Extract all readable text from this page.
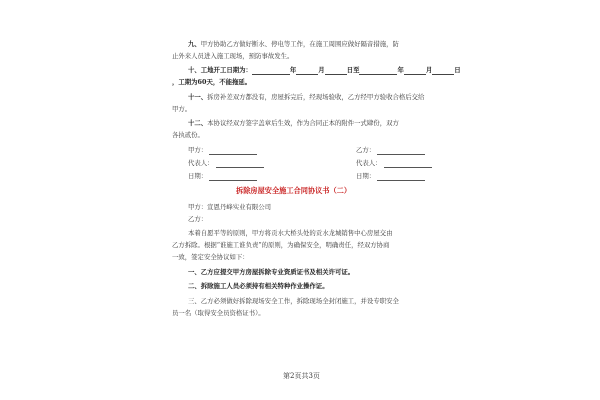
九、甲方协助乙方做好断水、停电等工作，在施工周围应做好隔音措施，防
止外来人员进入施工现场，预防事故发生。
十、工地开工日期为：	年	月	日至	年	月	日
，工期为60天，不能拖延。
十一、拆房补差双方都没有，房屋拆完后，经现场验收，乙方经甲方验收合格后交给
甲方。
十二、本协议经双方签字盖章后生效，作为合同正本的附件一式肆份，双方
各执贰份。
甲方：	乙方：
代表人：	代表人：
日期：	日期：
拆除房屋安全施工合同协议书（二）
甲方：宣恩丹峰实业有限公司
乙方：
本着自愿平等的原则，甲方将贡水大桥头处的贡水龙城销售中心房屋交由
乙方拆除。根据“谁施工谁负责”的原则，为确保安全，明确责任，经双方协商
一致，签定安全协议如下：
一、乙方应提交甲方房屋拆除专业资质证书及相关许可证。
二、拆除施工人员必须持有相关特种作业操作证。
三、乙方必须做好拆除现场安全工作，拆除现场全封闭施工，并设专职安全
员一名（取得安全员资格证书）。
第2页共3页
